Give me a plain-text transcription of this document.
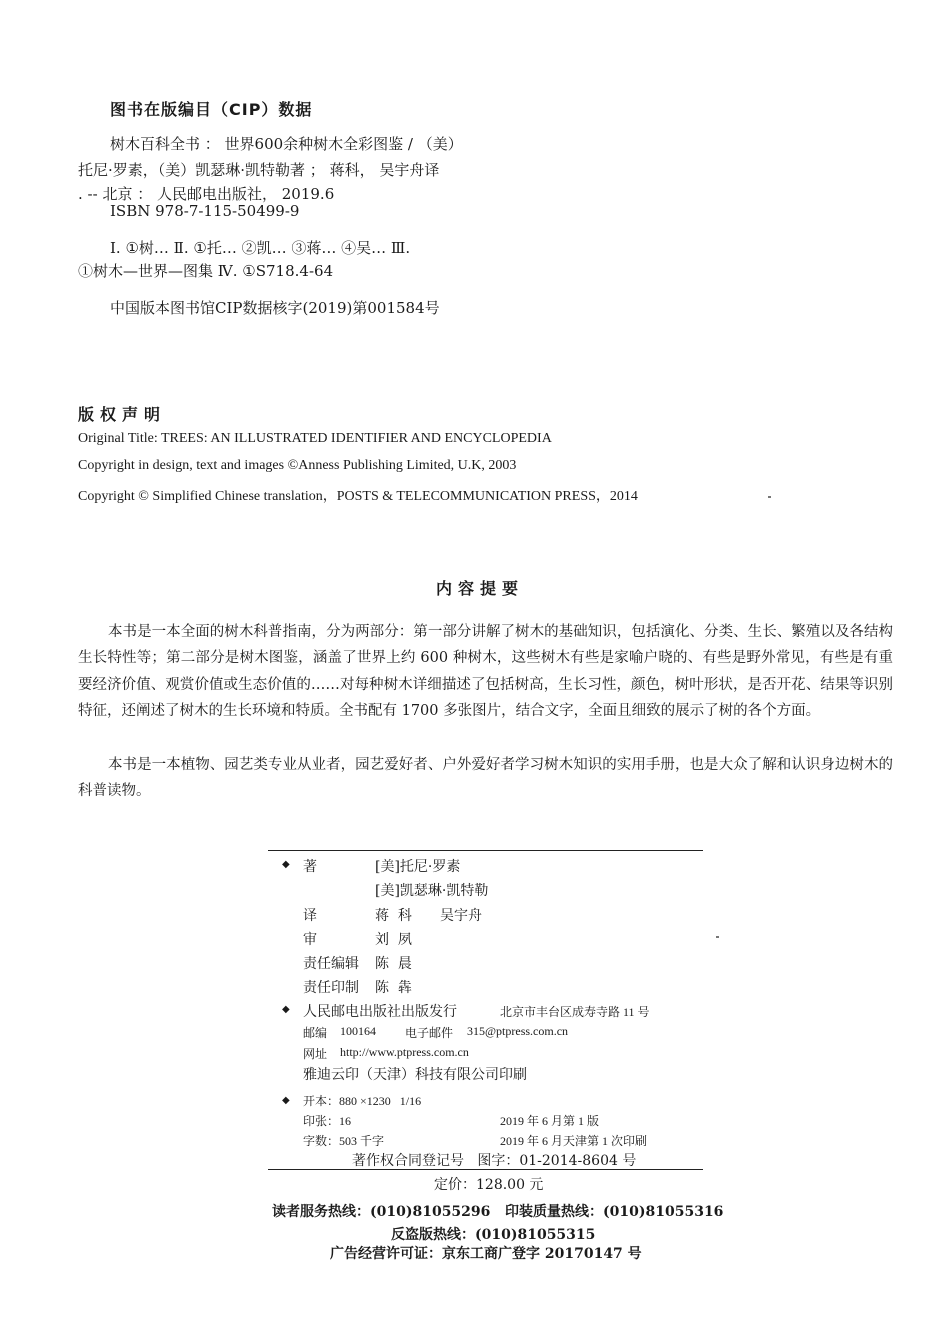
图书在版编目（CIP）数据
树木百科全书 ： 世界600余种树木全彩图鉴 / （美）
托尼·罗素，（美）凯瑟琳·凯特勒著 ； 蒋科， 吴宇舟译
. -- 北京 ： 人民邮电出版社， 2019.6
ISBN 978-7-115-50499-9
Ⅰ. ①树… Ⅱ. ①托… ②凯… ③蒋… ④吴… Ⅲ.
①树木—世界—图集 Ⅳ. ①S718.4-64
中国版本图书馆CIP数据核字(2019)第001584号
版权声明
Original Title: TREES: AN ILLUSTRATED IDENTIFIER AND ENCYCLOPEDIA
Copyright in design, text and images ©Anness Publishing Limited, U.K, 2003
Copyright © Simplified Chinese translation，POSTS & TELECOMMUNICATION PRESS，2014
内容提要
本书是一本全面的树木科普指南，分为两部分：第一部分讲解了树木的基础知识，包括演化、分类、生长、繁殖以及各结构生长特性等；第二部分是树木图鉴，涵盖了世界上约 600 种树木，这些树木有些是家喻户晓的、有些是野外常见，有些是有重要经济价值、观赏价值或生态价值的……对每种树木详细描述了包括树高，生长习性，颜色，树叶形状，是否开花、结果等识别特征，还阐述了树木的生长环境和特质。全书配有 1700 多张图片，结合文字，全面且细致的展示了树的各个方面。
本书是一本植物、园艺类专业从业者，园艺爱好者、户外爱好者学习树木知识的实用手册，也是大众了解和认识身边树木的科普读物。
◆ 著	[美]托尼·罗素
[美]凯瑟琳·凯特勒
译	蒋  科 吴宇舟
审	刘  夙
责任编辑 陈  晨
责任印制 陈  犇
◆ 人民邮电出版社出版发行	北京市丰台区成寿寺路 11 号
邮编 100164 电子邮件 315@ptpress.com.cn
网址 http://www.ptpress.com.cn
雅迪云印（天津）科技有限公司印刷
◆ 开本：880 ×1230   1/16
印张：16	2019 年 6 月第 1 版
字数：503 千字	2019 年 6 月天津第 1 次印刷
著作权合同登记号   图字：01-2014-8604 号
定价：128.00 元
读者服务热线：(010)81055296   印装质量热线：(010)81055316
反盗版热线：(010)81055315
广告经营许可证：京东工商广登字 20170147 号
